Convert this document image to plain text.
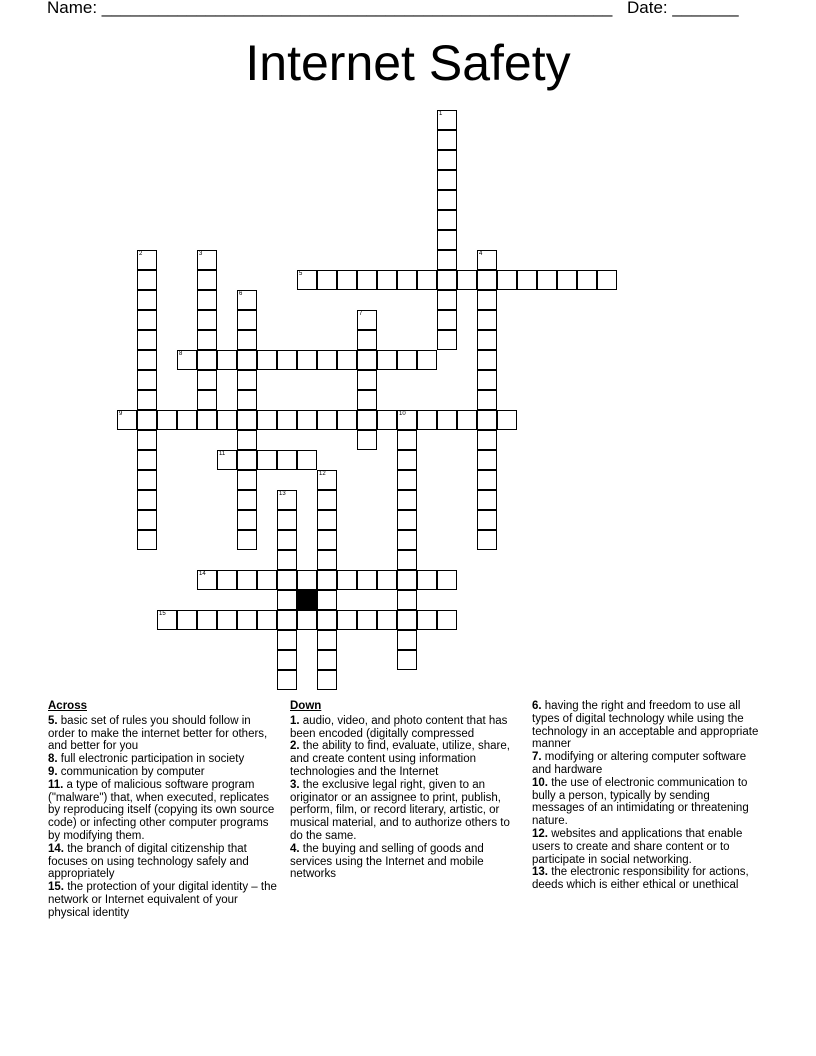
Name: ______________________________________________________ Date: _______
Internet Safety
1
2	3	4
5
6
7
8
9	10
11
12
13
14
15
Across
5. basic set of rules you should follow in order to make the internet better for others, and better for you
8. full electronic participation in society
9. communication by computer
11. a type of malicious software program ("malware") that, when executed, replicates by reproducing itself (copying its own source code) or infecting other computer programs by modifying them.
14. the branch of digital citizenship that focuses on using technology safely and appropriately
15. the protection of your digital identity – the network or Internet equivalent of your physical identity
Down
1. audio, video, and photo content that has been encoded (digitally compressed
2. the ability to find, evaluate, utilize, share, and create content using information technologies and the Internet
3. the exclusive legal right, given to an originator or an assignee to print, publish, perform, film, or record literary, artistic, or musical material, and to authorize others to do the same.
4. the buying and selling of goods and services using the Internet and mobile networks
6. having the right and freedom to use all types of digital technology while using the technology in an acceptable and appropriate manner
7. modifying or altering computer software and hardware
10. the use of electronic communication to bully a person, typically by sending messages of an intimidating or threatening nature.
12. websites and applications that enable users to create and share content or to participate in social networking.
13. the electronic responsibility for actions, deeds which is either ethical or unethical
